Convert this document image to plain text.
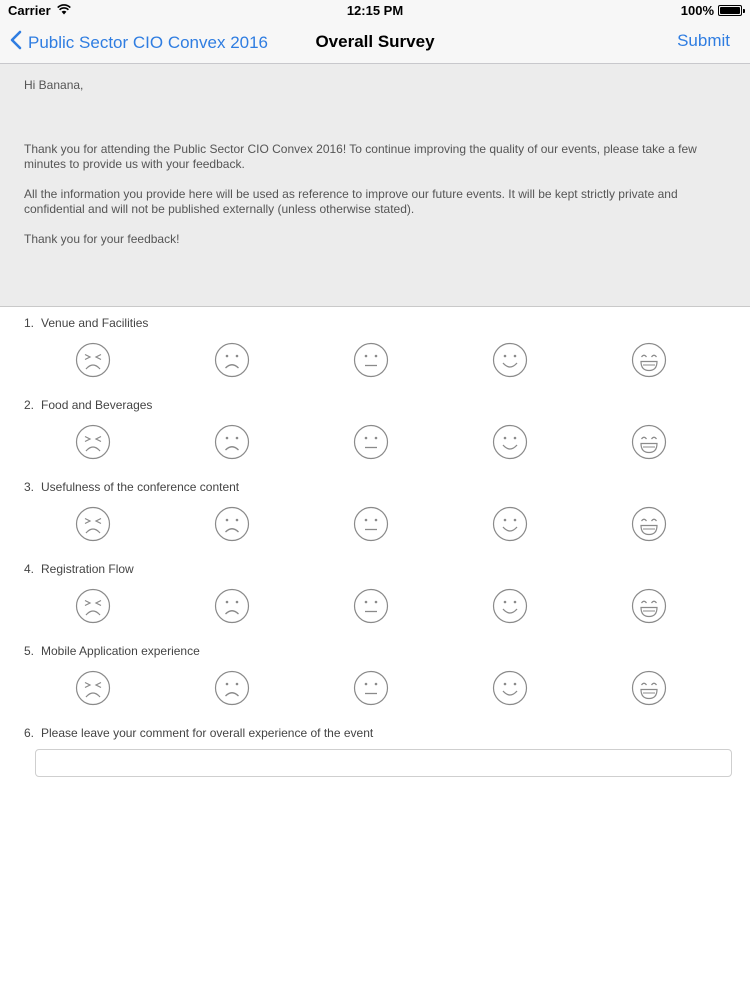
Carrier	12:15 PM	100%
Public Sector CIO Convex 2016	Overall Survey	Submit

Hi Banana,

Thank you for attending the Public Sector CIO Convex 2016! To continue improving the quality of our events, please take a few minutes to provide us with your feedback.

All the information you provide here will be used as reference to improve our future events. It will be kept strictly private and confidential and will not be published externally (unless otherwise stated).

Thank you for your feedback!

1. Venue and Facilities
2. Food and Beverages
3. Usefulness of the conference content
4. Registration Flow
5. Mobile Application experience
6. Please leave your comment for overall experience of the event
